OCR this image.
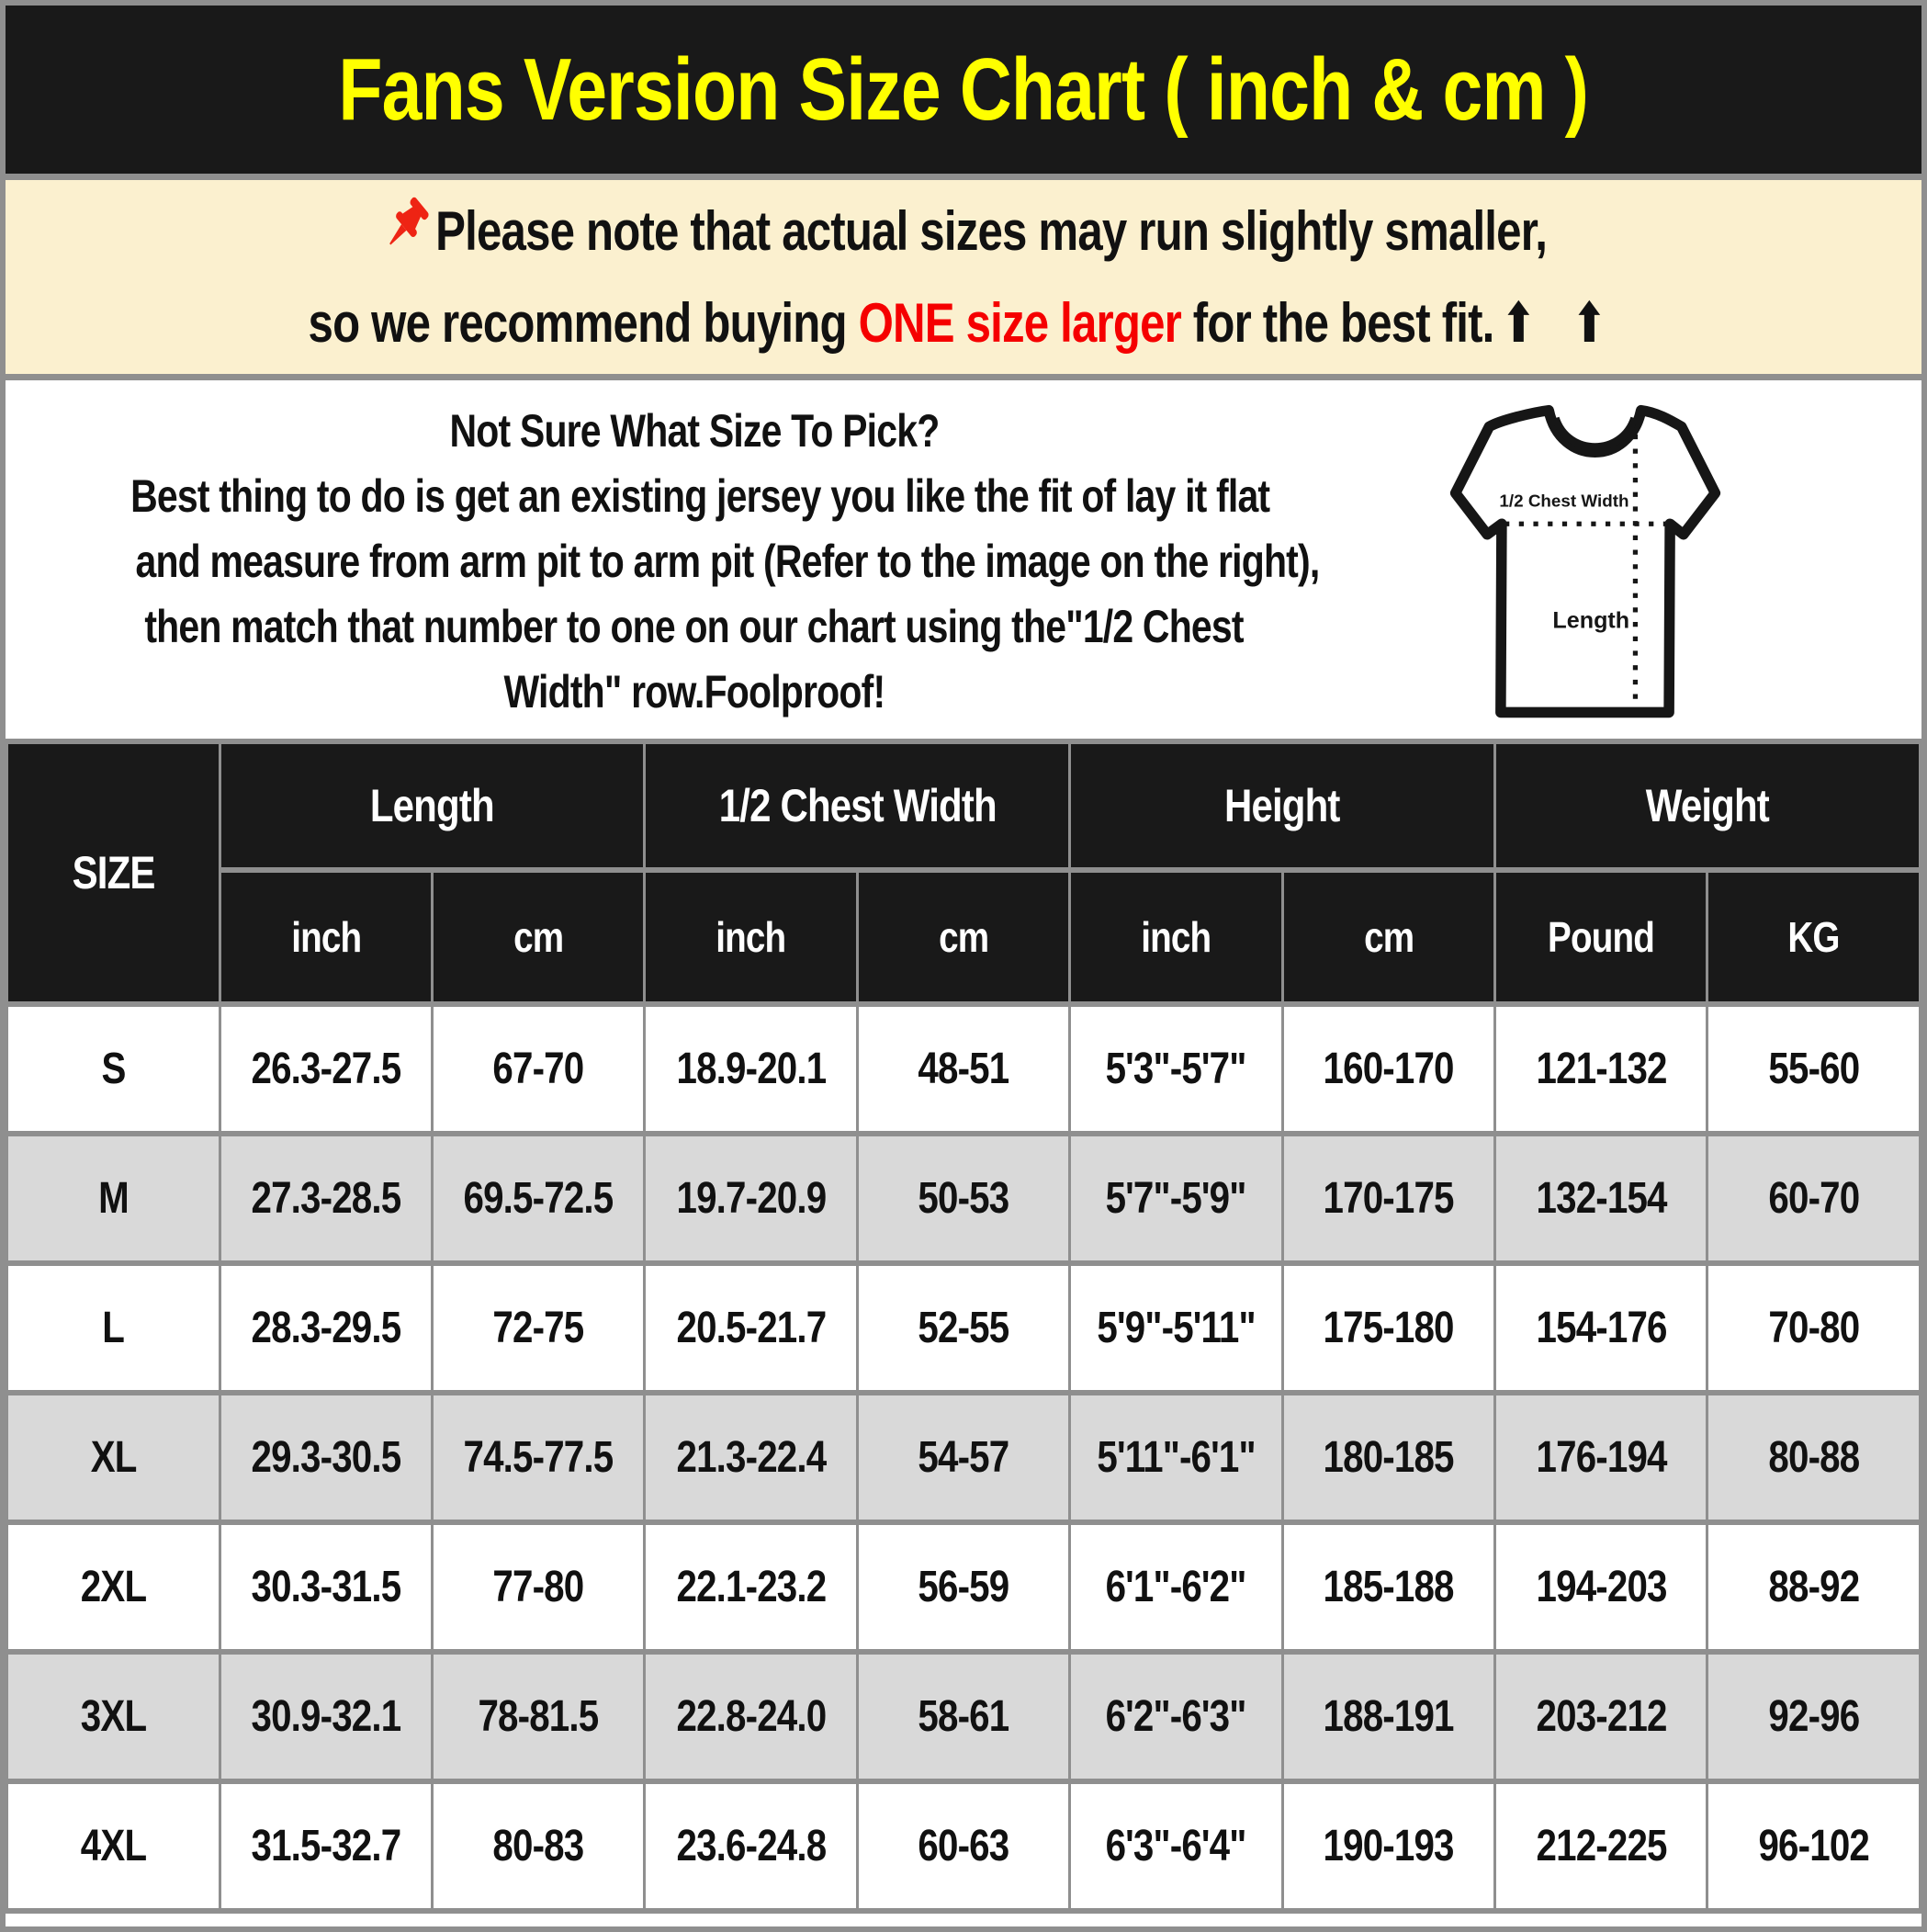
Fans Version Size Chart ( inch & cm )
Please note that actual sizes may run slightly smaller,
so we recommend buying ONE size larger for the best fit. ⬆ ⬆
Not Sure What Size To Pick?
Best thing to do is get an existing jersey you like the fit of lay it flat
and measure from arm pit to arm pit (Refer to the image on the right),
then match that number to one on our chart using the"1/2 Chest
Width" row.Foolproof!
1/2 Chest Width
Length
SIZE	Length		1/2 Chest Width		Height		Weight	
	inch	cm	inch	cm	inch	cm	Pound	KG
S	26.3-27.5	67-70	18.9-20.1	48-51	5'3"-5'7"	160-170	121-132	55-60
M	27.3-28.5	69.5-72.5	19.7-20.9	50-53	5'7"-5'9"	170-175	132-154	60-70
L	28.3-29.5	72-75	20.5-21.7	52-55	5'9"-5'11"	175-180	154-176	70-80
XL	29.3-30.5	74.5-77.5	21.3-22.4	54-57	5'11"-6'1"	180-185	176-194	80-88
2XL	30.3-31.5	77-80	22.1-23.2	56-59	6'1"-6'2"	185-188	194-203	88-92
3XL	30.9-32.1	78-81.5	22.8-24.0	58-61	6'2"-6'3"	188-191	203-212	92-96
4XL	31.5-32.7	80-83	23.6-24.8	60-63	6'3"-6'4"	190-193	212-225	96-102
